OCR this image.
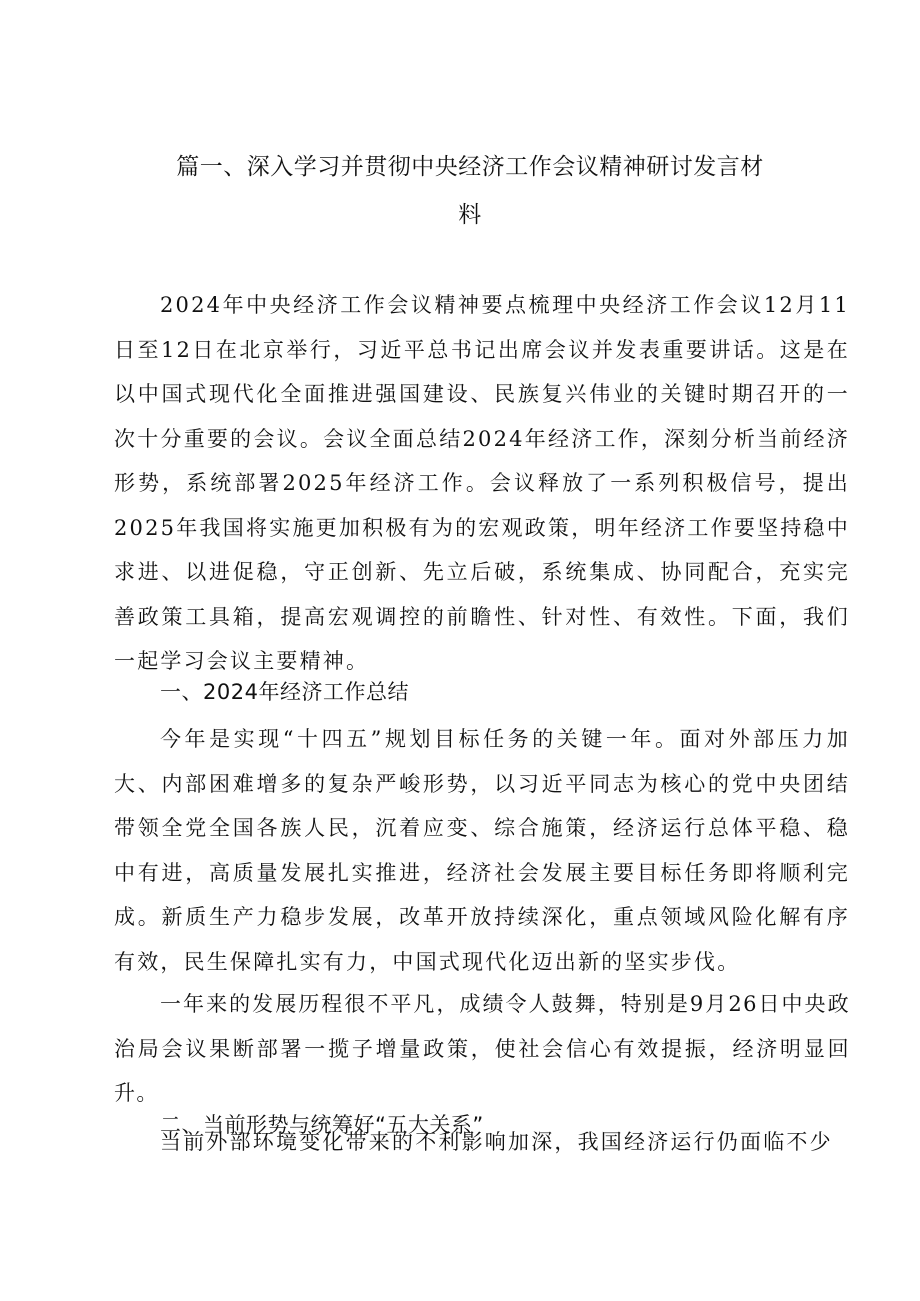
篇一、深入学习并贯彻中央经济工作会议精神研讨发言材
料

2024年中央经济工作会议精神要点梳理中央经济工作会议12月11日至12日在北京举行，习近平总书记出席会议并发表重要讲话。这是在以中国式现代化全面推进强国建设、民族复兴伟业的关键时期召开的一次十分重要的会议。会议全面总结2024年经济工作，深刻分析当前经济形势，系统部署2025年经济工作。会议释放了一系列积极信号，提出2025年我国将实施更加积极有为的宏观政策，明年经济工作要坚持稳中求进、以进促稳，守正创新、先立后破，系统集成、协同配合，充实完善政策工具箱，提高宏观调控的前瞻性、针对性、有效性。下面，我们一起学习会议主要精神。

一、2024年经济工作总结

今年是实现“十四五”规划目标任务的关键一年。面对外部压力加大、内部困难增多的复杂严峻形势，以习近平同志为核心的党中央团结带领全党全国各族人民，沉着应变、综合施策，经济运行总体平稳、稳中有进，高质量发展扎实推进，经济社会发展主要目标任务即将顺利完成。新质生产力稳步发展，改革开放持续深化，重点领域风险化解有序有效，民生保障扎实有力，中国式现代化迈出新的坚实步伐。

一年来的发展历程很不平凡，成绩令人鼓舞，特别是9月26日中央政治局会议果断部署一揽子增量政策，使社会信心有效提振，经济明显回升。

二、当前形势与统筹好“五大关系”

当前外部环境变化带来的不利影响加深，我国经济运行仍面临不少
